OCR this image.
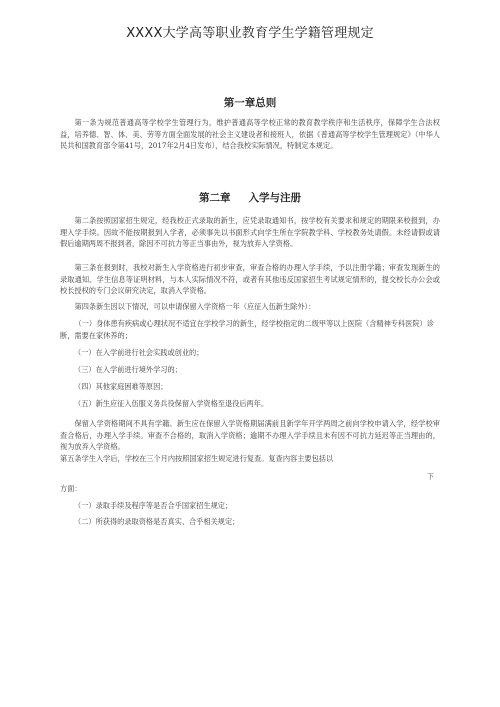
XXXX大学高等职业教育学生学籍管理规定
第一章总则

第一条为规范普通高等学校学生管理行为，维护普通高等学校正常的教育教学秩序和生活秩序，保障学生合法权益，培养德、智、体、美、劳等方面全面发展的社会主义建设者和接班人，依据《普通高等学校学生管理规定》（中华人民共和国教育部令第41号，2017年2月4日发布），结合我校实际情况，特制定本规定。

第二章 入学与注册

第二条按照国家招生规定，经我校正式录取的新生，应凭录取通知书，按学校有关要求和规定的期限来校报到，办理入学手续。因故不能按期报到入学者，必须事先以书面形式向学生所在学院教学科、学校教务处请假。未经请假或请假后逾期两周不报到者，除因不可抗力等正当事由外，视为放弃入学资格。

第三条在报到时，我校对新生入学资格进行初步审查，审查合格的办理入学手续，予以注册学籍；审查发现新生的录取通知、学生信息等证明材料，与本人实际情况不符，或者有其他违反国家招生考试规定情形的，提交校长办公会或校长授权的专门会议研究决定，取消入学资格。

第四条新生因以下情况，可以申请保留入学资格一年（应征入伍新生除外）：

（一）身体患有疾病或心理状况不适宜在学校学习的新生，经学校指定的二级甲等以上医院（含精神专科医院）诊断，需要在家休养的；

（一）在入学前进行社会实践或创业的；

（三）在入学前进行境外学习的；

（四）其他家庭困难等原因；

（五）新生应征入伍服义务兵役保留入学资格至退役后两年。

保留入学资格期间不具有学籍。新生应在保留入学资格期届满前且新学年开学两周之前向学校申请入学，经学校审查合格后，办理入学手续。审查不合格的，取消入学资格；逾期不办理入学手续且未有因不可抗力延迟等正当理由的，视为放弃入学资格。

第五条学生入学后，学校在三个月内按照国家招生规定进行复查。复查内容主要包括以

下

方面：

（一）录取手续及程序等是否合乎国家招生规定；

（二）所获得的录取资格是否真实、合乎相关规定；
